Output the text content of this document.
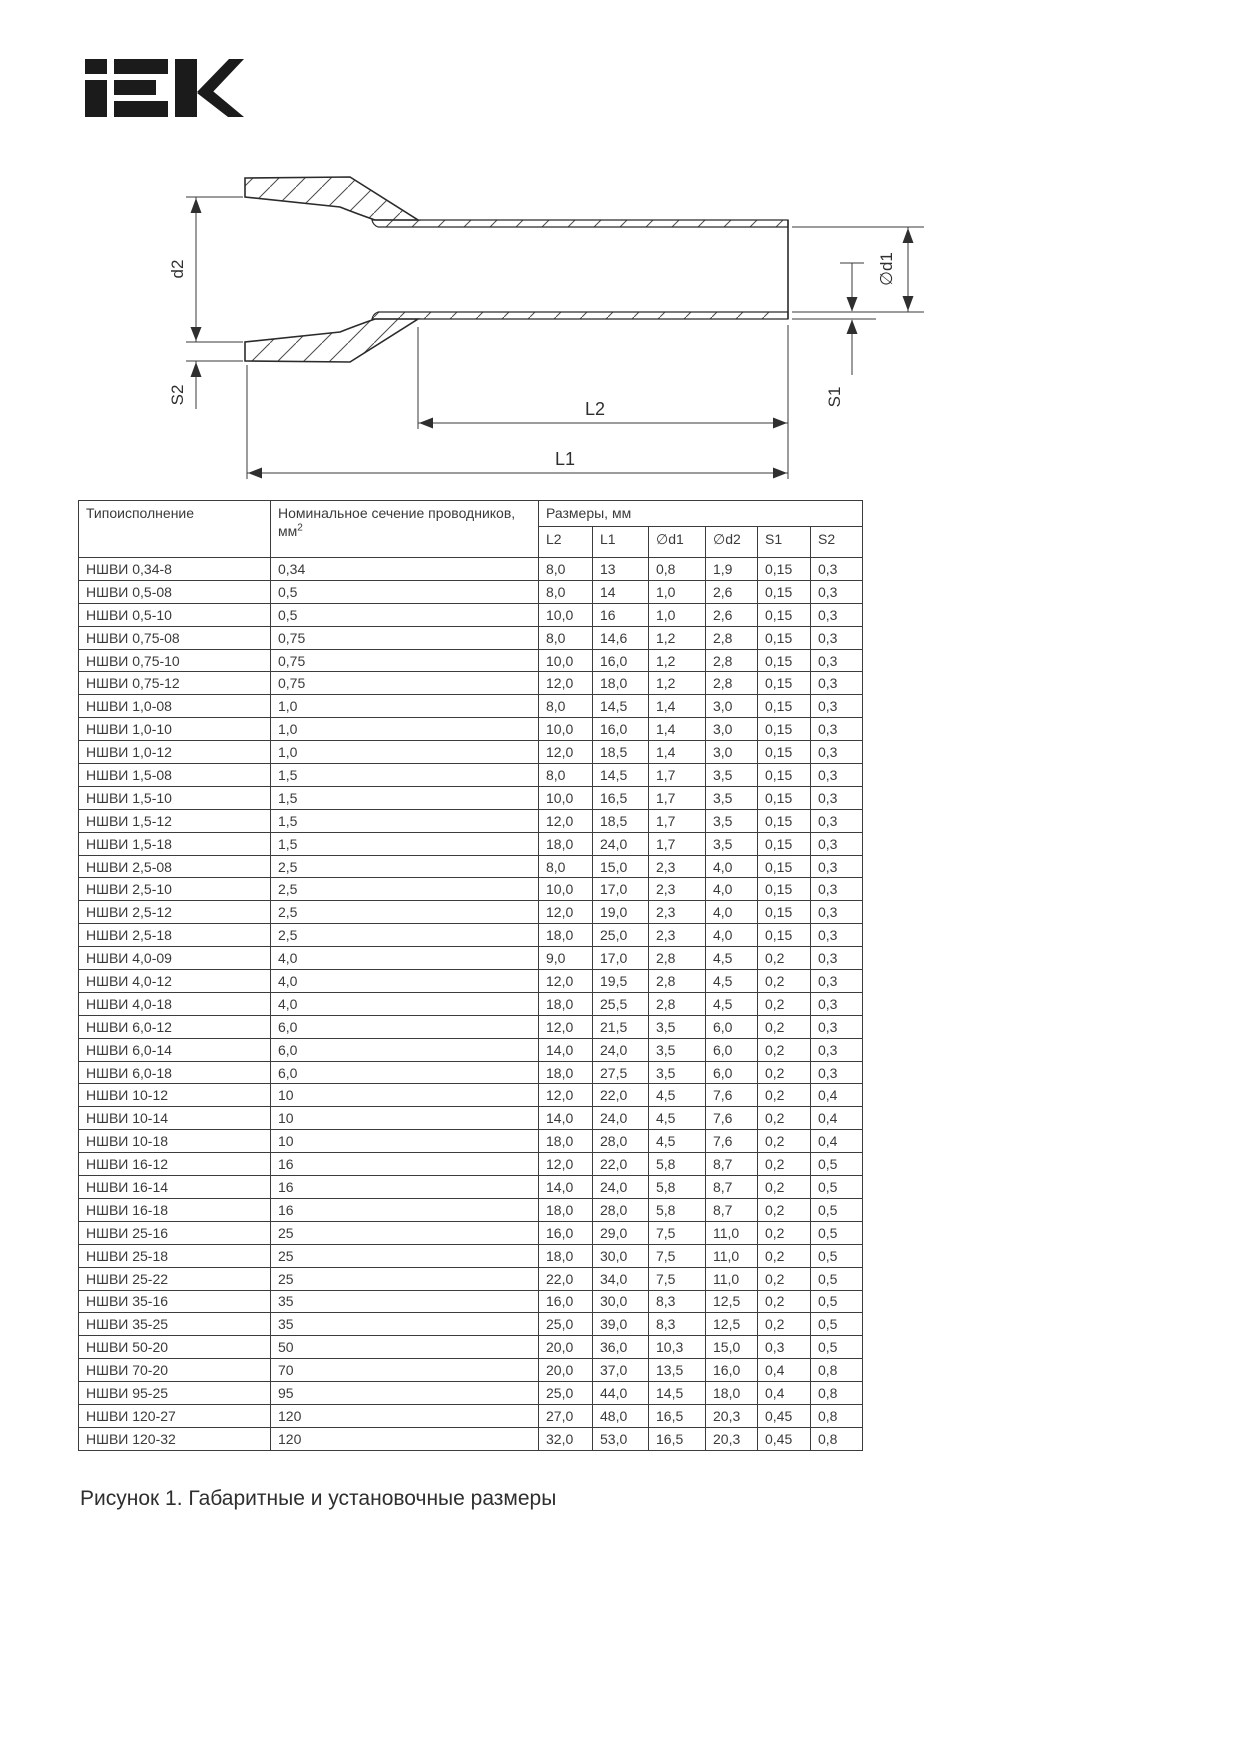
d2
S2
L2
L1
∅d1
S1
Типоисполнение	Номинальное сечение проводников, $мм^2$	Размеры, мм					
		L2	L1	∅d1	∅d2	S1	S2
НШВИ 0,34-8	0,34	8,0	13	0,8	1,9	0,15	0,3
НШВИ 0,5-08	0,5	8,0	14	1,0	2,6	0,15	0,3
НШВИ 0,5-10	0,5	10,0	16	1,0	2,6	0,15	0,3
НШВИ 0,75-08	0,75	8,0	14,6	1,2	2,8	0,15	0,3
НШВИ 0,75-10	0,75	10,0	16,0	1,2	2,8	0,15	0,3
НШВИ 0,75-12	0,75	12,0	18,0	1,2	2,8	0,15	0,3
НШВИ 1,0-08	1,0	8,0	14,5	1,4	3,0	0,15	0,3
НШВИ 1,0-10	1,0	10,0	16,0	1,4	3,0	0,15	0,3
НШВИ 1,0-12	1,0	12,0	18,5	1,4	3,0	0,15	0,3
НШВИ 1,5-08	1,5	8,0	14,5	1,7	3,5	0,15	0,3
НШВИ 1,5-10	1,5	10,0	16,5	1,7	3,5	0,15	0,3
НШВИ 1,5-12	1,5	12,0	18,5	1,7	3,5	0,15	0,3
НШВИ 1,5-18	1,5	18,0	24,0	1,7	3,5	0,15	0,3
НШВИ 2,5-08	2,5	8,0	15,0	2,3	4,0	0,15	0,3
НШВИ 2,5-10	2,5	10,0	17,0	2,3	4,0	0,15	0,3
НШВИ 2,5-12	2,5	12,0	19,0	2,3	4,0	0,15	0,3
НШВИ 2,5-18	2,5	18,0	25,0	2,3	4,0	0,15	0,3
НШВИ 4,0-09	4,0	9,0	17,0	2,8	4,5	0,2	0,3
НШВИ 4,0-12	4,0	12,0	19,5	2,8	4,5	0,2	0,3
НШВИ 4,0-18	4,0	18,0	25,5	2,8	4,5	0,2	0,3
НШВИ 6,0-12	6,0	12,0	21,5	3,5	6,0	0,2	0,3
НШВИ 6,0-14	6,0	14,0	24,0	3,5	6,0	0,2	0,3
НШВИ 6,0-18	6,0	18,0	27,5	3,5	6,0	0,2	0,3
НШВИ 10-12	10	12,0	22,0	4,5	7,6	0,2	0,4
НШВИ 10-14	10	14,0	24,0	4,5	7,6	0,2	0,4
НШВИ 10-18	10	18,0	28,0	4,5	7,6	0,2	0,4
НШВИ 16-12	16	12,0	22,0	5,8	8,7	0,2	0,5
НШВИ 16-14	16	14,0	24,0	5,8	8,7	0,2	0,5
НШВИ 16-18	16	18,0	28,0	5,8	8,7	0,2	0,5
НШВИ 25-16	25	16,0	29,0	7,5	11,0	0,2	0,5
НШВИ 25-18	25	18,0	30,0	7,5	11,0	0,2	0,5
НШВИ 25-22	25	22,0	34,0	7,5	11,0	0,2	0,5
НШВИ 35-16	35	16,0	30,0	8,3	12,5	0,2	0,5
НШВИ 35-25	35	25,0	39,0	8,3	12,5	0,2	0,5
НШВИ 50-20	50	20,0	36,0	10,3	15,0	0,3	0,5
НШВИ 70-20	70	20,0	37,0	13,5	16,0	0,4	0,8
НШВИ 95-25	95	25,0	44,0	14,5	18,0	0,4	0,8
НШВИ 120-27	120	27,0	48,0	16,5	20,3	0,45	0,8
НШВИ 120-32	120	32,0	53,0	16,5	20,3	0,45	0,8
Рисунок 1. Габаритные и установочные размеры
